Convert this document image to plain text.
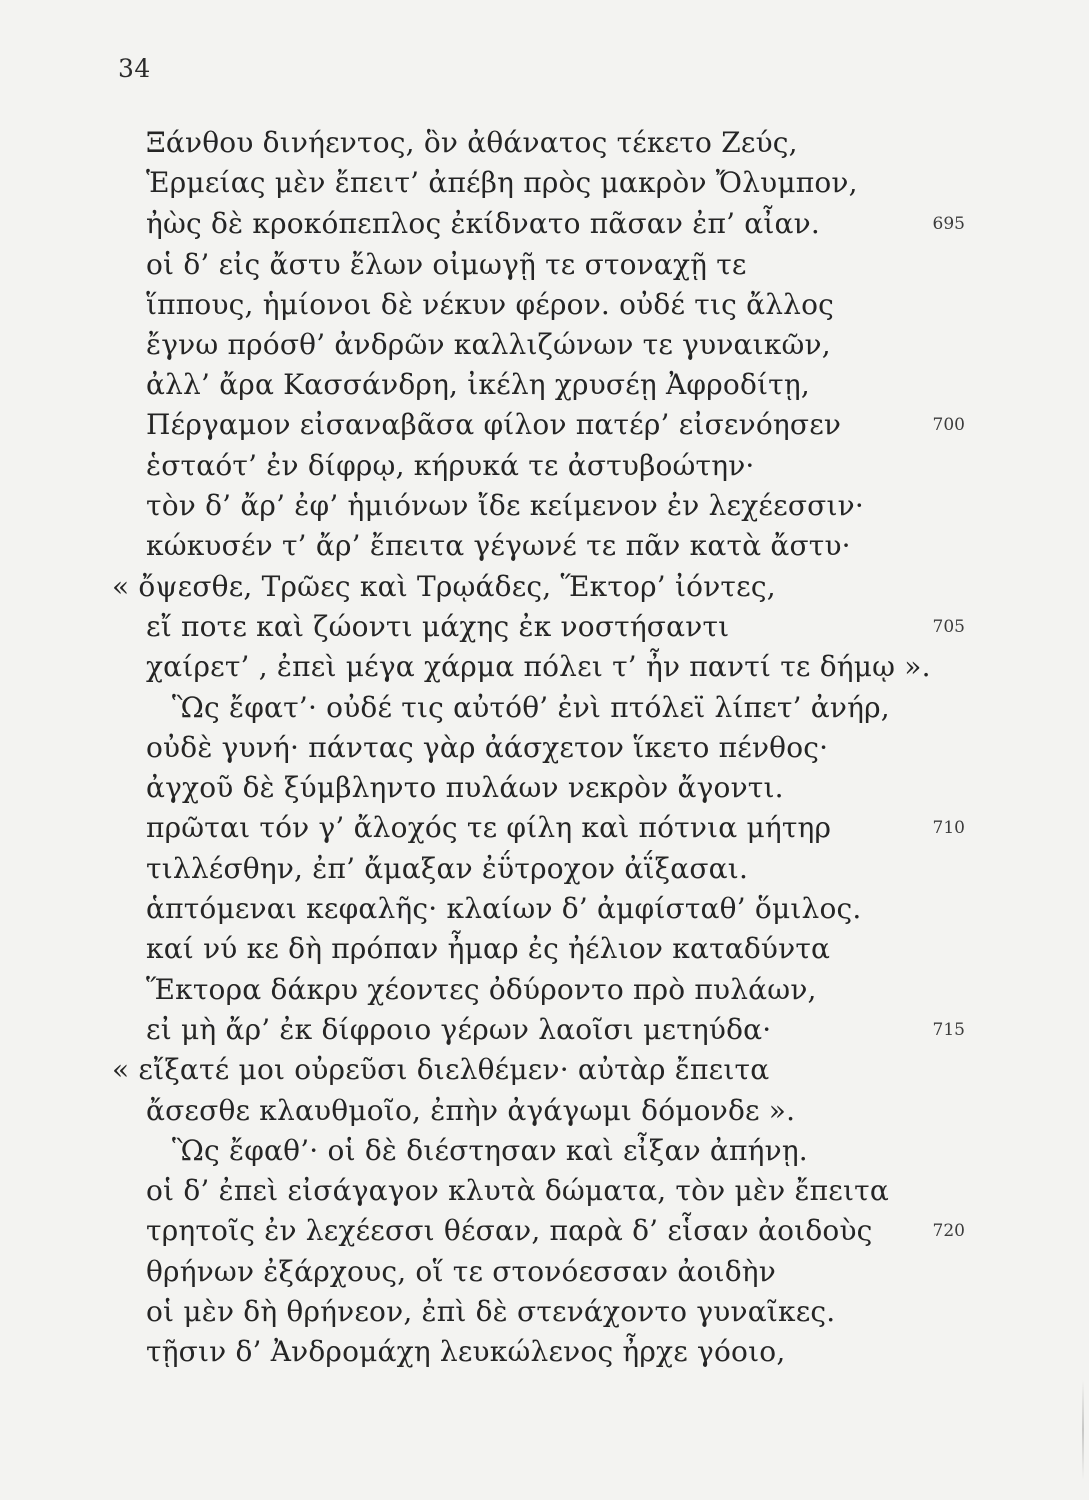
34
Ξάνθου δινήεντος, ὃν ἀθάνατος τέκετο Ζεύς,
Ἑρμείας μὲν ἔπειτ’ ἀπέβη πρὸς μακρὸν Ὄλυμπον,
ἠὼς δὲ κροκόπεπλος ἐκίδνατο πᾶσαν ἐπ’ αἶαν.	695
οἱ δ’ εἰς ἄστυ ἔλων οἰμωγῇ τε στοναχῇ τε
ἵππους, ἡμίονοι δὲ νέκυν φέρον. οὐδέ τις ἄλλος
ἔγνω πρόσθ’ ἀνδρῶν καλλιζώνων τε γυναικῶν,
ἀλλ’ ἄρα Κασσάνδρη, ἰκέλη χρυσέῃ Ἀφροδίτῃ,
Πέργαμον εἰσαναβᾶσα φίλον πατέρ’ εἰσενόησεν	700
ἑσταότ’ ἐν δίφρῳ, κήρυκά τε ἀστυβοώτην·
τὸν δ’ ἄρ’ ἐφ’ ἡμιόνων ἴδε κείμενον ἐν λεχέεσσιν·
κώκυσέν τ’ ἄρ’ ἔπειτα γέγωνέ τε πᾶν κατὰ ἄστυ·
« ὄψεσθε, Τρῶες καὶ Τρῳάδες, Ἕκτορ’ ἰόντες,
εἴ ποτε καὶ ζώοντι μάχης ἐκ νοστήσαντι	705
χαίρετ’ , ἐπεὶ μέγα χάρμα πόλει τ’ ἦν παντί τε δήμῳ ».
Ὣς ἔφατ’· οὐδέ τις αὐτόθ’ ἐνὶ πτόλεϊ λίπετ’ ἀνήρ,
οὐδὲ γυνή· πάντας γὰρ ἀάσχετον ἵκετο πένθος·
ἀγχοῦ δὲ ξύμβληντο πυλάων νεκρὸν ἄγοντι.
πρῶται τόν γ’ ἄλοχός τε φίλη καὶ πότνια μήτηρ	710
τιλλέσθην, ἐπ’ ἄμαξαν ἐΰτροχον ἀΐξασαι.
ἁπτόμεναι κεφαλῆς· κλαίων δ’ ἀμφίσταθ’ ὅμιλος.
καί νύ κε δὴ πρόπαν ἦμαρ ἐς ἠέλιον καταδύντα
Ἕκτορα δάκρυ χέοντες ὀδύροντο πρὸ πυλάων,
εἰ μὴ ἄρ’ ἐκ δίφροιο γέρων λαοῖσι μετηύδα·	715
« εἴξατέ μοι οὐρεῦσι διελθέμεν· αὐτὰρ ἔπειτα
ἄσεσθε κλαυθμοῖο, ἐπὴν ἀγάγωμι δόμονδε ».
Ὣς ἔφαθ’· οἱ δὲ διέστησαν καὶ εἶξαν ἀπήνῃ.
οἱ δ’ ἐπεὶ εἰσάγαγον κλυτὰ δώματα, τὸν μὲν ἔπειτα
τρητοῖς ἐν λεχέεσσι θέσαν, παρὰ δ’ εἷσαν ἀοιδοὺς	720
θρήνων ἐξάρχους, οἵ τε στονόεσσαν ἀοιδὴν
οἱ μὲν δὴ θρήνεον, ἐπὶ δὲ στενάχοντο γυναῖκες.
τῇσιν δ’ Ἀνδρομάχη λευκώλενος ἦρχε γόοιο,
